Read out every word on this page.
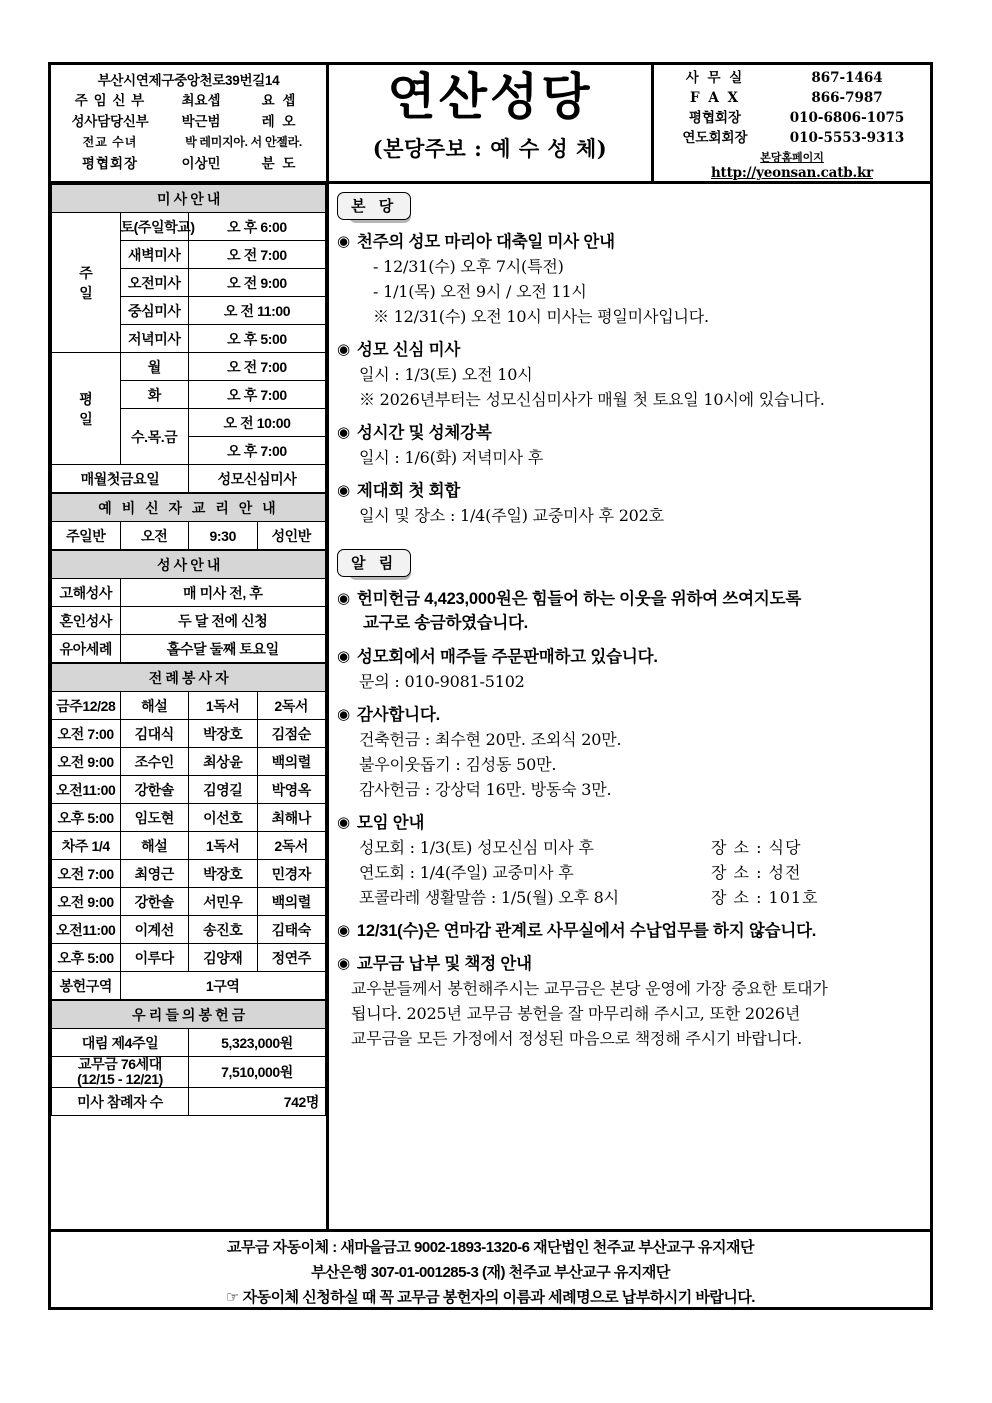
부산시연제구중앙천로39번길14
주 임 신 부	최요셉	요 셉
성사담당신부	박근범	레 오
전교 수녀	박 레미지아. 서 안젤라.
평협회장	이상민	분 도
연산성당
(본당주보 : 예 수 성 체)
사 무 실	867-1464
F A X	866-7987
평협회장	010-6806-1075
연도회회장	010-5553-9313
본당홈페이지
http://yeonsan.catb.kr
미 사 안 내		
주
일	토(주일학교)	오 후 6:00
	새벽미사	오 전 7:00
	오전미사	오 전 9:00
	중심미사	오 전 11:00
	저녁미사	오 후 5:00
평
일	월	오 전 7:00
	화	오 후 7:00
	수.목.금	오 전 10:00
		오 후 7:00
매월첫금요일		성모신심미사
예 비 신 자 교 리 안 내
주일반	오전	9:30	성인반
성 사 안 내	
고해성사	매 미사 전, 후
혼인성사	두 달 전에 신청
유아세례	홀수달 둘째 토요일
전 례 봉 사 자			
금주12/28	해설	1독서	2독서
오전 7:00	김대식	박장호	김점순
오전 9:00	조수인	최상윤	백의렬
오전11:00	강한솔	김영길	박영옥
오후 5:00	임도현	이선호	최해나
차주 1/4	해설	1독서	2독서
오전 7:00	최영근	박장호	민경자
오전 9:00	강한솔	서민우	백의렬
오전11:00	이계선	송진호	김태숙
오후 5:00	이루다	김양재	정연주
봉헌구역	1구역		
우 리 들 의 봉 헌 금	
대림 제4주일	5,323,000원
교무금 76세대
(12/15 - 12/21)	7,510,000원
미사 참례자 수	742명
본 당
◉ 천주의 성모 마리아 대축일 미사 안내
- 12/31(수) 오후 7시(특전)
- 1/1(목) 오전 9시 / 오전 11시
※ 12/31(수) 오전 10시 미사는 평일미사입니다.
◉ 성모 신심 미사
일시 : 1/3(토) 오전 10시
※ 2026년부터는 성모신심미사가 매월 첫 토요일 10시에 있습니다.
◉ 성시간 및 성체강복
일시 : 1/6(화) 저녁미사 후
◉ 제대회 첫 회합
일시 및 장소 : 1/4(주일) 교중미사 후 202호
알 림
◉ 헌미헌금 4,423,000원은 힘들어 하는 이웃을 위하여 쓰여지도록
교구로 송금하였습니다.
◉ 성모회에서 매주들 주문판매하고 있습니다.
문의 : 010-9081-5102
◉ 감사합니다.
건축헌금 : 최수현 20만. 조외식 20만.
불우이웃돕기 : 김성동 50만.
감사헌금 : 강상덕 16만. 방동숙 3만.
◉ 모임 안내
성모회 : 1/3(토) 성모신심 미사 후	장 소 : 식당
연도회 : 1/4(주일) 교중미사 후	장 소 : 성전
포콜라레 생활말씀 : 1/5(월) 오후 8시	장 소 : 101호
◉ 12/31(수)은 연마감 관계로 사무실에서 수납업무를 하지 않습니다.
◉ 교무금 납부 및 책정 안내
교우분들께서 봉헌해주시는 교무금은 본당 운영에 가장 중요한 토대가
됩니다. 2025년 교무금 봉헌을 잘 마무리해 주시고, 또한 2026년
교무금을 모든 가정에서 정성된 마음으로 책정해 주시기 바랍니다.
교무금 자동이체 : 새마을금고 9002-1893-1320-6 재단법인 천주교 부산교구 유지재단
부산은행 307-01-001285-3 (재) 천주교 부산교구 유지재단
☞ 자동이체 신청하실 때 꼭 교무금 봉헌자의 이름과 세례명으로 납부하시기 바랍니다.
